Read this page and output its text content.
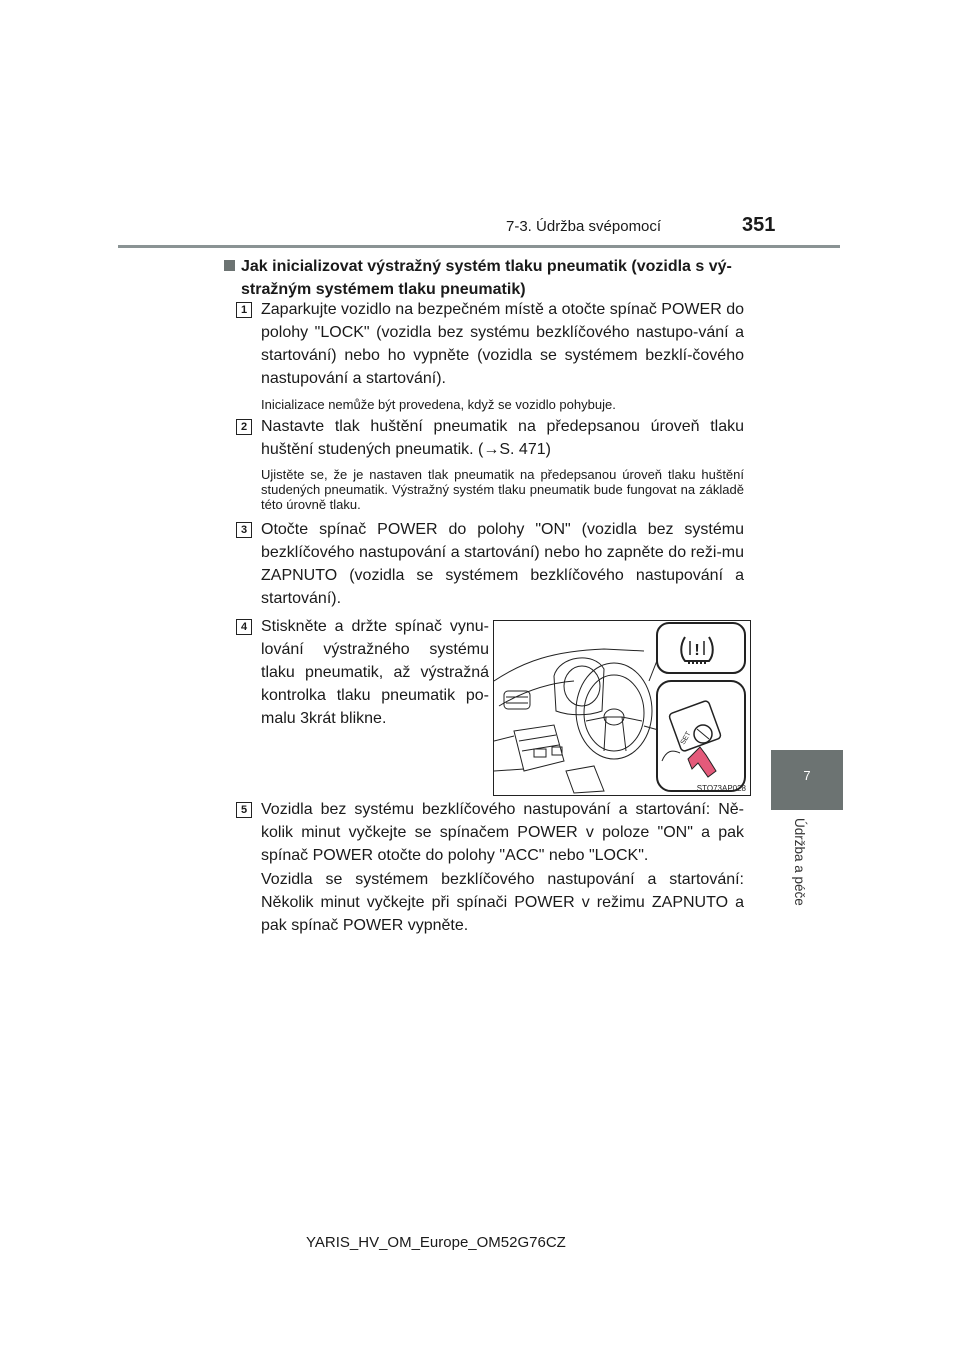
7-3. Údržba svépomocí	351
7
Údržba a péče
Jak inicializovat výstražný systém tlaku pneumatik (vozidla s vý-
stražným systémem tlaku pneumatik)
1 Zaparkujte vozidlo na bezpečném místě a otočte spínač POWER do polohy "LOCK" (vozidla bez systému bezklíčového nastupo-vání a startování) nebo ho vypněte (vozidla se systémem bezklí-čového nastupování a startování).
Inicializace nemůže být provedena, když se vozidlo pohybuje.
2 Nastavte tlak huštění pneumatik na předepsanou úroveň tlaku huštění studených pneumatik. (→S. 471)
Ujistěte se, že je nastaven tlak pneumatik na předepsanou úroveň tlaku huštění studených pneumatik. Výstražný systém tlaku pneumatik bude fungovat na základě této úrovně tlaku.
3 Otočte spínač POWER do polohy "ON" (vozidla bez systému bezklíčového nastupování a startování) nebo ho zapněte do reži-mu ZAPNUTO (vozidla se systémem bezklíčového nastupování a startování).
4 Stiskněte a držte spínač vynu-lování výstražného systému tlaku pneumatik, až výstražná kontrolka tlaku pneumatik po-malu 3krát blikne.
!
SET
STO73AP028
5 Vozidla bez systému bezklíčového nastupování a startování: Ně-kolik minut vyčkejte se spínačem POWER v poloze "ON" a pak spínač POWER otočte do polohy "ACC" nebo "LOCK".
Vozidla se systémem bezklíčového nastupování a startování: Několik minut vyčkejte při spínači POWER v režimu ZAPNUTO a pak spínač POWER vypněte.
YARIS_HV_OM_Europe_OM52G76CZ
